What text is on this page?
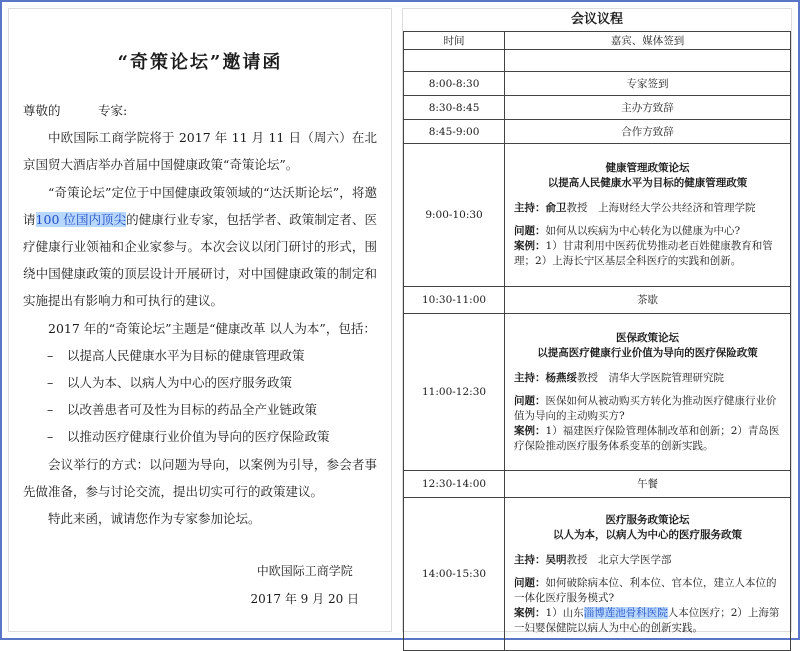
“奇策论坛”邀请函

尊敬的　　　专家:

中欧国际工商学院将于 2017 年 11 月 11 日（周六）在北京国贸大酒店举办首届中国健康政策“奇策论坛”。

“奇策论坛”定位于中国健康政策领域的“达沃斯论坛”，将邀请100 位国内顶尖的健康行业专家，包括学者、政策制定者、医疗健康行业领袖和企业家参与。本次会议以闭门研讨的形式，围绕中国健康政策的顶层设计开展研讨，对中国健康政策的制定和实施提出有影响力和可执行的建议。

2017 年的“奇策论坛”主题是“健康改革 以人为本”，包括：

– 以提高人民健康水平为目标的健康管理政策
– 以人为本、以病人为中心的医疗服务政策
– 以改善患者可及性为目标的药品全产业链政策
– 以推动医疗健康行业价值为导向的医疗保险政策

会议举行的方式：以问题为导向，以案例为引导，参会者事先做准备，参与讨论交流，提出切实可行的政策建议。

特此来函，诚请您作为专家参加论坛。

中欧国际工商学院
2017 年 9 月 20 日
会议议程
时间	嘉宾、媒体签到

8:00-8:30	专家签到
8:30-8:45	主办方致辞
8:45-9:00	合作方致辞
9:00-10:30	健康管理政策论坛
以提高人民健康水平为目标的健康管理政策
主持：俞卫教授　上海财经大学公共经济和管理学院
问题：如何从以疾病为中心转化为以健康为中心?
案例：1）甘肃利用中医药优势推动老百姓健康教育和管理；2）上海长宁区基层全科医疗的实践和创新。

10:30-11:00	茶歇
11:00-12:30	医保政策论坛
以提高医疗健康行业价值为导向的医疗保险政策
主持：杨燕绥教授　清华大学医院管理研究院
问题：医保如何从被动购买方转化为推动医疗健康行业价值为导向的主动购买方?
案例：1）福建医疗保险管理体制改革和创新；2）青岛医疗保险推动医疗服务体系变革的创新实践。

12:30-14:00	午餐
14:00-15:30	医疗服务政策论坛
以人为本，以病人为中心的医疗服务政策
主持：吴明教授　北京大学医学部
问题：如何破除病本位、利本位、官本位，建立人本位的一体化医疗服务模式?
案例：1）山东淄博莲池骨科医院人本位医疗；2）上海第一妇婴保健院以病人为中心的创新实践。
